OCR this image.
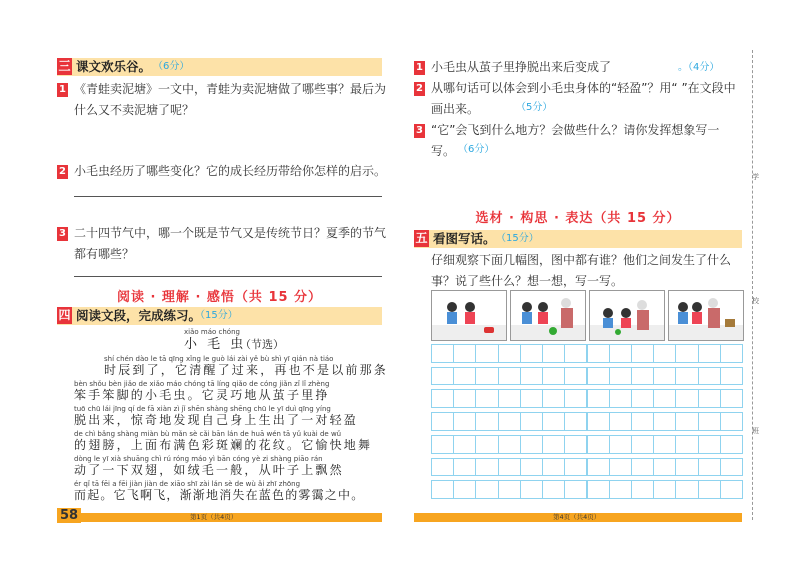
三 课文欢乐谷。 （6分）
1 《青蛙卖泥塘》一文中，青蛙为卖泥塘做了哪些事？最后为什么又不卖泥塘了呢？
2 小毛虫经历了哪些变化？它的成长经历带给你怎样的启示。
3 二十四节气中，哪一个既是节气又是传统节日？夏季的节气都有哪些？
阅读 · 理解 · 感悟（共 15 分）
四 阅读文段，完成练习。
（15分）
xiǎo máo chóng
小 毛 虫
（节选）
shí chén dào le tā qīng xǐng le guò lái zài yě bù shì yī qián nà tiáo
时辰到了，它清醒了过来，再也不是以前那条
bèn shǒu bèn jiǎo de xiǎo máo chóng tā líng qiǎo de cóng jiǎn zǐ lǐ zhèng
笨手笨脚的小毛虫。它灵巧地从茧子里挣
tuō chū lái jīng qí de fā xiàn zì jǐ shēn shàng shēng chū le yī duì qīng yíng
脱出来，惊奇地发现自己身上生出了一对轻盈
de chì bǎng shàng miàn bù mǎn sè cǎi bān lán de huā wén tā yǔ kuài de wǔ
的翅膀，上面布满色彩斑斓的花纹。它愉快地舞
dòng le yī xià shuāng chì rú róng máo yì bān cóng yè zi shàng piāo rán
动了一下双翅，如绒毛一般，从叶子上飘然
ér qǐ tā fēi a fēi jiàn jiàn de xiāo shī zài lán sè de wù ǎi zhī zhōng
而起。它飞啊飞，渐渐地消失在蓝色的雾霭之中。
58	第1页（共4页）
1 小毛虫从茧子里挣脱出来后变成了	。（4分）
2 从哪句话可以体会到小毛虫身体的“轻盈”？用“ ”在文段中画出来。	（5分）
3 “它”会飞到什么地方？会做些什么？请你发挥想象写一写。 （6分）
选材 · 构思 · 表达（共 15 分）
五 看图写话。 （15分）
仔细观察下面几幅图，图中都有谁？他们之间发生了什么事？说了些什么？想一想，写一写。
第4页（共4页）
学
校
班
